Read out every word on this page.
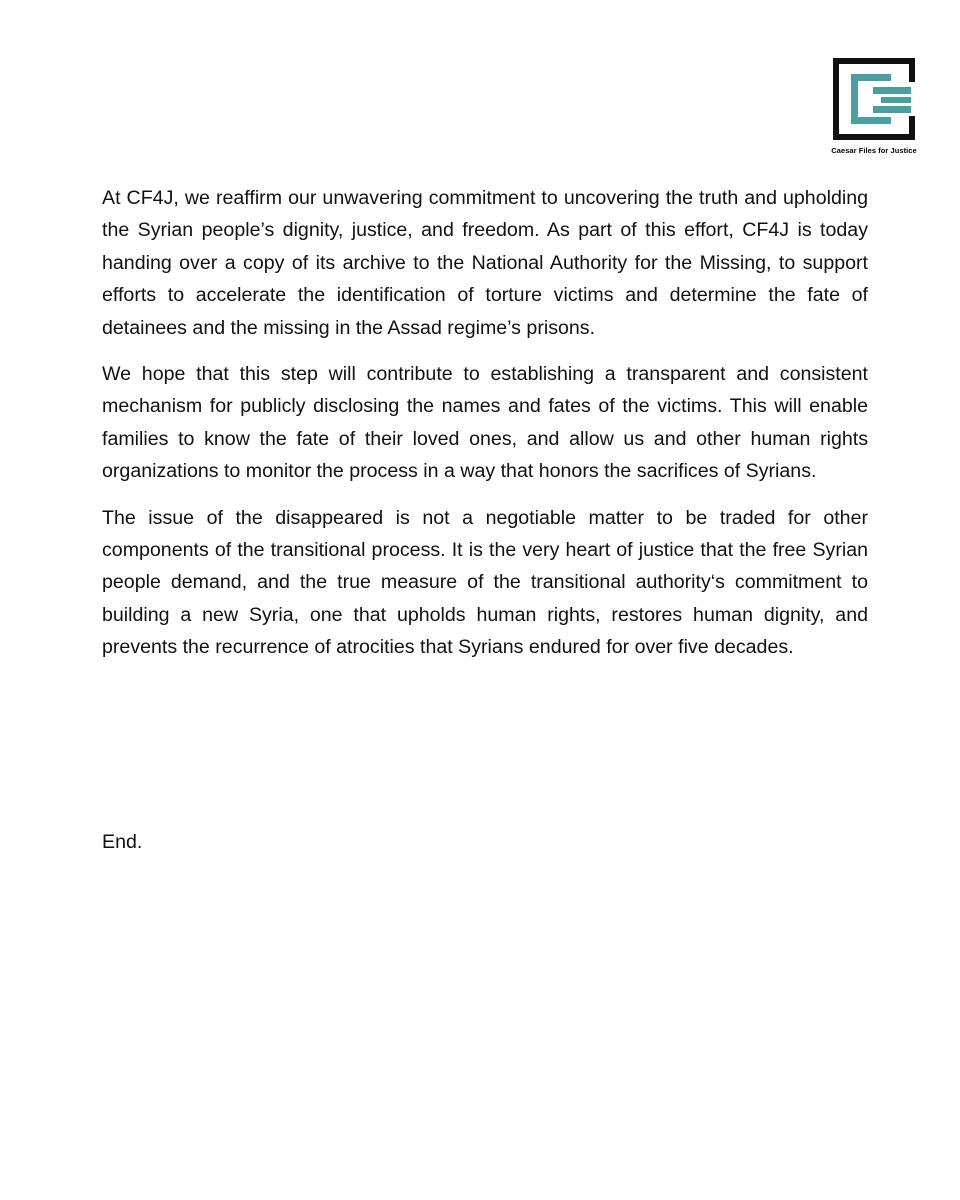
Caesar Files for Justice

At CF4J, we reaffirm our unwavering commitment to uncovering the truth and upholding the Syrian people’s dignity, justice, and freedom. As part of this effort, CF4J is today handing over a copy of its archive to the National Authority for the Missing, to support efforts to accelerate the identification of torture victims and determine the fate of detainees and the missing in the Assad regime’s prisons.

We hope that this step will contribute to establishing a transparent and consistent mechanism for publicly disclosing the names and fates of the victims. This will enable families to know the fate of their loved ones, and allow us and other human rights organizations to monitor the process in a way that honors the sacrifices of Syrians.

The issue of the disappeared is not a negotiable matter to be traded for other components of the transitional process. It is the very heart of justice that the free Syrian people demand, and the true measure of the transitional authority‘s commitment to building a new Syria, one that upholds human rights, restores human dignity, and prevents the recurrence of atrocities that Syrians endured for over five decades.

End.
